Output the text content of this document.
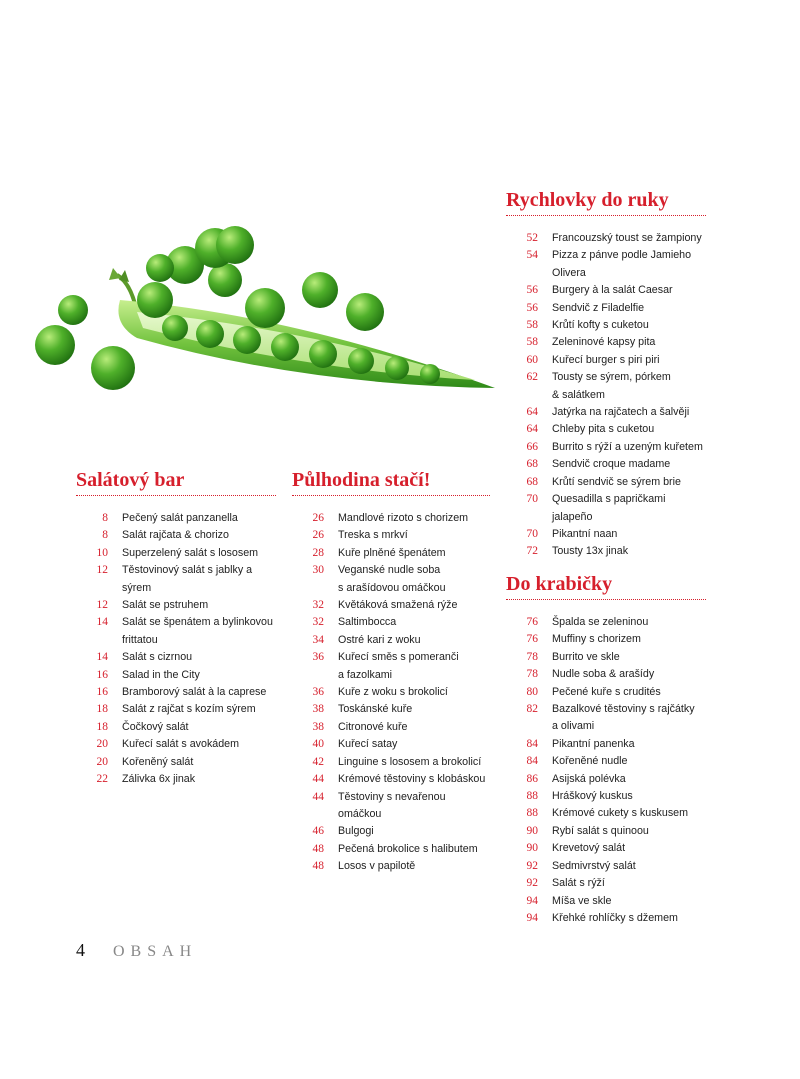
Salátový bar
8 Pečený salát panzanella
8 Salát rajčata & chorizo
10 Superzelený salát s lososem
12 Těstovinový salát s jablky a sýrem
12 Salát se pstruhem
14 Salát se špenátem a bylinkovou
frittatou
14 Salát s cizrnou
16 Salad in the City
16 Bramborový salát à la caprese
18 Salát z rajčat s kozím sýrem
18 Čočkový salát
20 Kuřecí salát s avokádem
20 Kořeněný salát
22 Zálivka 6x jinak
Půlhodina stačí!
26 Mandlové rizoto s chorizem
26 Treska s mrkví
28 Kuře plněné špenátem
30 Veganské nudle soba
s arašídovou omáčkou
32 Květáková smažená rýže
32 Saltimbocca
34 Ostré kari z woku
36 Kuřecí směs s pomeranči
a fazolkami
36 Kuře z woku s brokolicí
38 Toskánské kuře
38 Citronové kuře
40 Kuřecí satay
42 Linguine s lososem a brokolicí
44 Krémové těstoviny s klobáskou
44 Těstoviny s nevařenou omáčkou
46 Bulgogi
48 Pečená brokolice s halibutem
48 Losos v papilotě
Rychlovky do ruky
52 Francouzský toust se žampiony
54 Pizza z pánve podle Jamieho
Olivera
56 Burgery à la salát Caesar
56 Sendvič z Filadelfie
58 Krůtí kofty s cuketou
58 Zeleninové kapsy pita
60 Kuřecí burger s piri piri
62 Tousty se sýrem, pórkem
& salátkem
64 Jatýrka na rajčatech a šalvěji
64 Chleby pita s cuketou
66 Burrito s rýží a uzeným kuřetem
68 Sendvič croque madame
68 Krůtí sendvič se sýrem brie
70 Quesadilla s papričkami jalapeño
70 Pikantní naan
72 Tousty 13x jinak
Do krabičky
76 Špalda se zeleninou
76 Muffiny s chorizem
78 Burrito ve skle
78 Nudle soba & arašídy
80 Pečené kuře s crudités
82 Bazalkové těstoviny s rajčátky
a olivami
84 Pikantní panenka
84 Kořeněné nudle
86 Asijská polévka
88 Hráškový kuskus
88 Krémové cukety s kuskusem
90 Rybí salát s quinoou
90 Krevetový salát
92 Sedmivrstvý salát
92 Salát s rýží
94 Míša ve skle
94 Křehké rohlíčky s džemem
4 OBSAH
